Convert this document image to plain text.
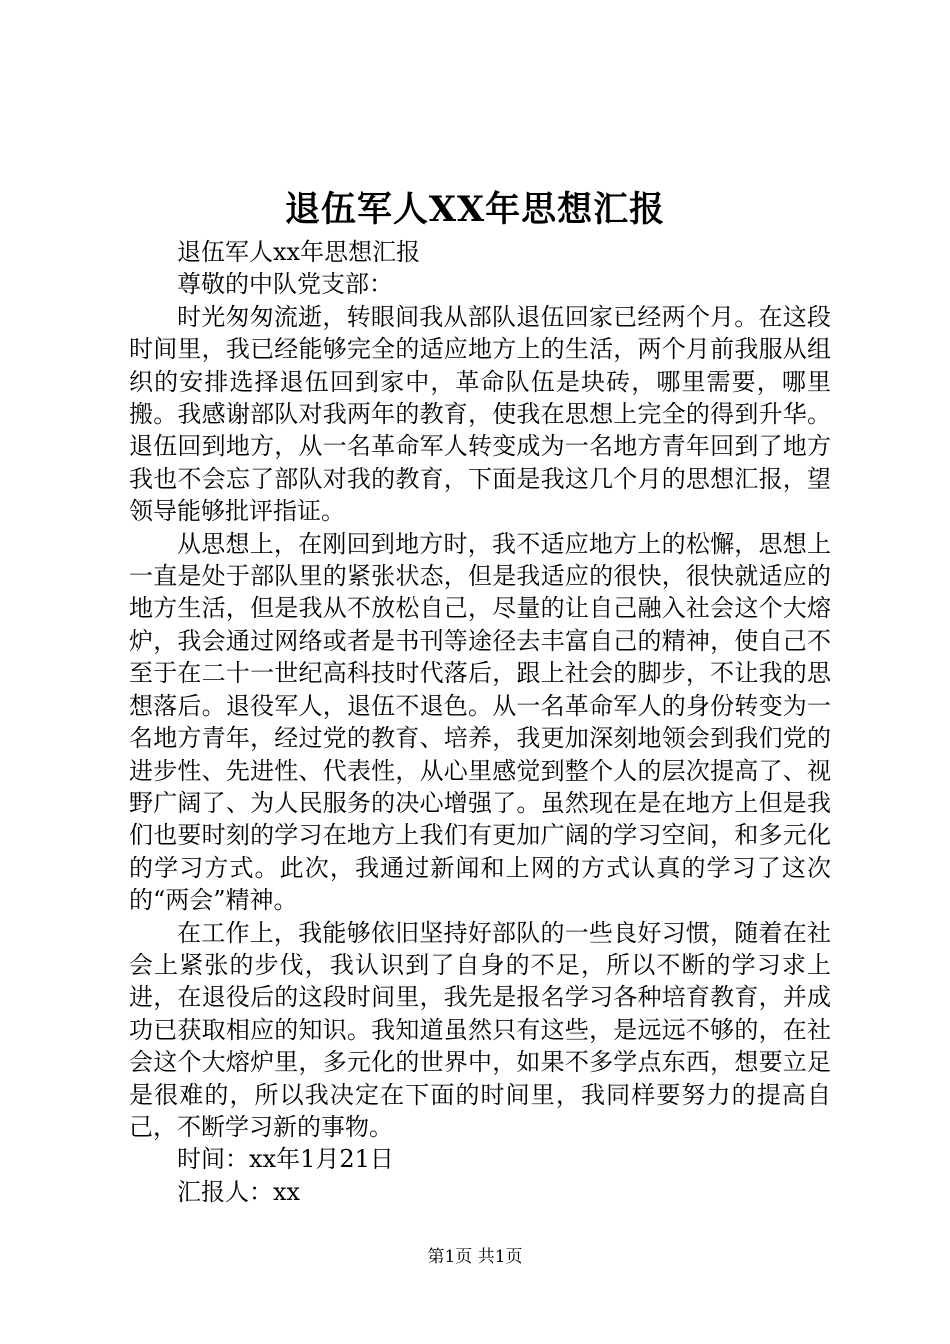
退伍军人XX年思想汇报

退伍军人xx年思想汇报

尊敬的中队党支部：

时光匆匆流逝，转眼间我从部队退伍回家已经两个月。在这段时间里，我已经能够完全的适应地方上的生活，两个月前我服从组织的安排选择退伍回到家中，革命队伍是块砖，哪里需要，哪里搬。我感谢部队对我两年的教育，使我在思想上完全的得到升华。退伍回到地方，从一名革命军人转变成为一名地方青年回到了地方我也不会忘了部队对我的教育，下面是我这几个月的思想汇报，望领导能够批评指证。

从思想上，在刚回到地方时，我不适应地方上的松懈，思想上一直是处于部队里的紧张状态，但是我适应的很快，很快就适应的地方生活，但是我从不放松自己，尽量的让自己融入社会这个大熔炉，我会通过网络或者是书刊等途径去丰富自己的精神，使自己不至于在二十一世纪高科技时代落后，跟上社会的脚步，不让我的思想落后。退役军人，退伍不退色。从一名革命军人的身份转变为一名地方青年，经过党的教育、培养，我更加深刻地领会到我们党的进步性、先进性、代表性，从心里感觉到整个人的层次提高了、视野广阔了、为人民服务的决心增强了。虽然现在是在地方上但是我们也要时刻的学习在地方上我们有更加广阔的学习空间，和多元化的学习方式。此次，我通过新闻和上网的方式认真的学习了这次的“两会”精神。

在工作上，我能够依旧坚持好部队的一些良好习惯，随着在社会上紧张的步伐，我认识到了自身的不足，所以不断的学习求上进，在退役后的这段时间里，我先是报名学习各种培育教育，并成功已获取相应的知识。我知道虽然只有这些，是远远不够的，在社会这个大熔炉里，多元化的世界中，如果不多学点东西，想要立足是很难的，所以我决定在下面的时间里，我同样要努力的提高自己，不断学习新的事物。

时间：xx年1月21日

汇报人：xx

第1页 共1页
